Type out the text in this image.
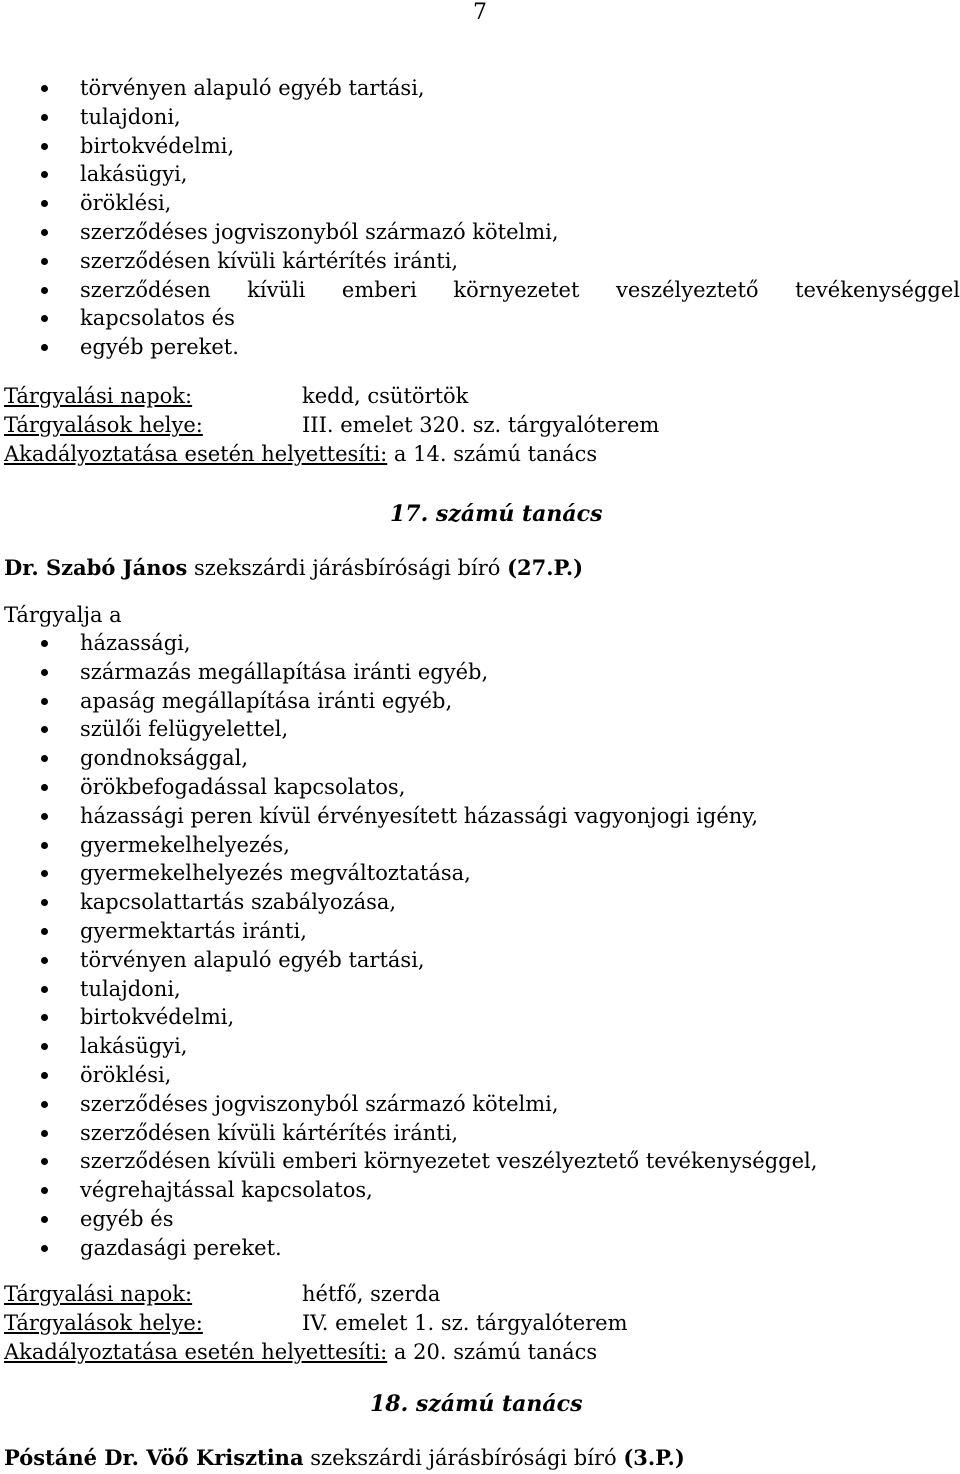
7
törvényen alapuló egyéb tartási,
tulajdoni,
birtokvédelmi,
lakásügyi,
öröklési,
szerződéses jogviszonyból származó kötelmi,
szerződésen kívüli kártérítés iránti,
szerződésen kívüli emberi környezetet veszélyeztető tevékenységgel
kapcsolatos és
egyéb pereket.
Tárgyalási napok:	kedd, csütörtök
Tárgyalások helye:	III. emelet 320. sz. tárgyalóterem
Akadályoztatása esetén helyettesíti: a 14. számú tanács
17. számú tanács
Dr. Szabó János szekszárdi járásbírósági bíró (27.P.)
Tárgyalja a
házassági,
származás megállapítása iránti egyéb,
apaság megállapítása iránti egyéb,
szülői felügyelettel,
gondnoksággal,
örökbefogadással kapcsolatos,
házassági peren kívül érvényesített házassági vagyonjogi igény,
gyermekelhelyezés,
gyermekelhelyezés megváltoztatása,
kapcsolattartás szabályozása,
gyermektartás iránti,
törvényen alapuló egyéb tartási,
tulajdoni,
birtokvédelmi,
lakásügyi,
öröklési,
szerződéses jogviszonyból származó kötelmi,
szerződésen kívüli kártérítés iránti,
szerződésen kívüli emberi környezetet veszélyeztető tevékenységgel,
végrehajtással kapcsolatos,
egyéb és
gazdasági pereket.
Tárgyalási napok:	hétfő, szerda
Tárgyalások helye:	IV. emelet 1. sz. tárgyalóterem
Akadályoztatása esetén helyettesíti: a 20. számú tanács
18. számú tanács
Póstáné Dr. Vöő Krisztina szekszárdi járásbírósági bíró (3.P.)
